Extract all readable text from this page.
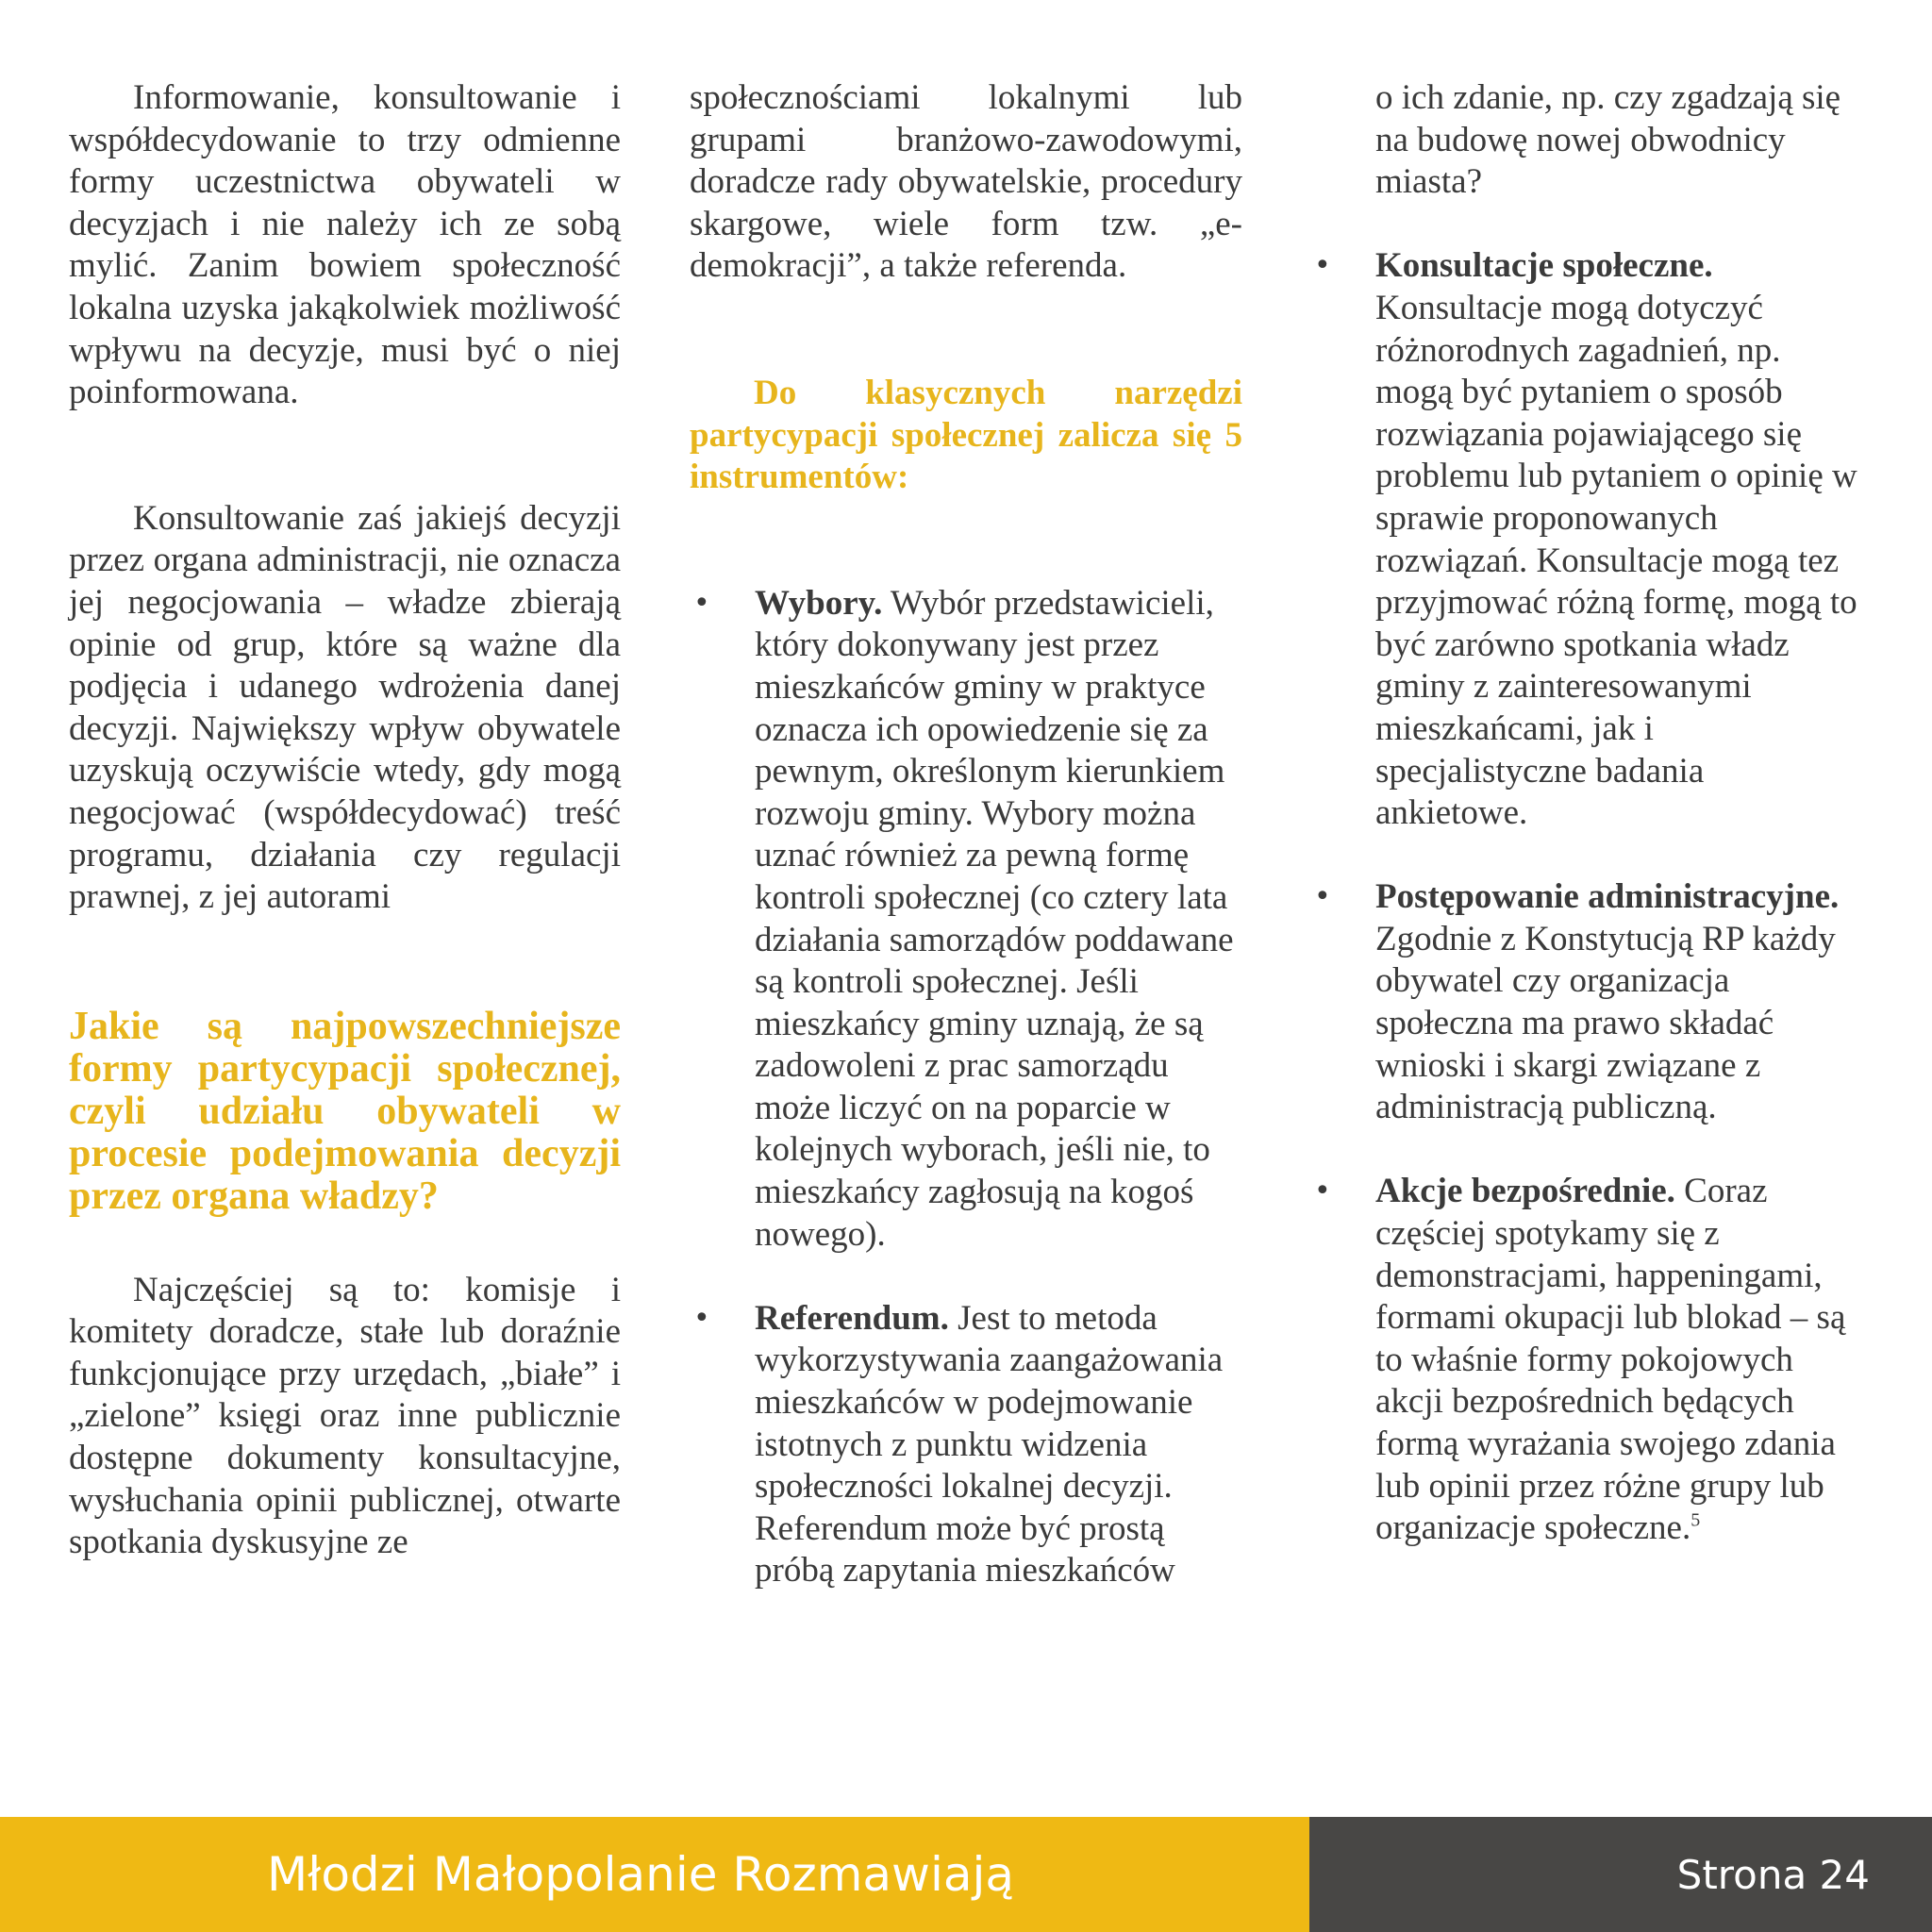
Informowanie, konsultowanie i współdecydowanie to trzy odmienne formy uczestnictwa obywateli w decyzjach i nie należy ich ze sobą mylić. Zanim bowiem społeczność lokalna uzyska jakąkolwiek możliwość wpływu na decyzje, musi być o niej poinformowana.

Konsultowanie zaś jakiejś decyzji przez organa administracji, nie oznacza jej negocjowania – władze zbierają opinie od grup, które są ważne dla podjęcia i udanego wdrożenia danej decyzji. Największy wpływ obywatele uzyskują oczywiście wtedy, gdy mogą negocjować (współdecydować) treść programu, działania czy regulacji prawnej, z jej autorami

Jakie są najpowszechniejsze formy partycypacji społecznej, czyli udziału obywateli w procesie podejmowania decyzji przez organa władzy?

Najczęściej są to: komisje i komitety doradcze, stałe lub doraźnie funkcjonujące przy urzędach, „białe” i „zielone” księgi oraz inne publicznie dostępne dokumenty konsultacyjne, wysłuchania opinii publicznej, otwarte spotkania dyskusyjne ze

społecznościami lokalnymi lub grupami branżowo-zawodowymi, doradcze rady obywatelskie, procedury skargowe, wiele form tzw. „e-demokracji”, a także referenda.

Do klasycznych narzędzi partycypacji społecznej zalicza się 5 instrumentów:

• Wybory. Wybór przedstawicieli, który dokonywany jest przez mieszkańców gminy w praktyce oznacza ich opowiedzenie się za pewnym, określonym kierunkiem rozwoju gminy. Wybory można uznać również za pewną formę kontroli społecznej (co cztery lata działania samorządów poddawane są kontroli społecznej. Jeśli mieszkańcy gminy uznają, że są zadowoleni z prac samorządu może liczyć on na poparcie w kolejnych wyborach, jeśli nie, to mieszkańcy zagłosują na kogoś nowego).
• Referendum. Jest to metoda wykorzystywania zaangażowania mieszkańców w podejmowanie istotnych z punktu widzenia społeczności lokalnej decyzji. Referendum może być prostą próbą zapytania mieszkańców

o ich zdanie, np. czy zgadzają się na budowę nowej obwodnicy miasta?

• Konsultacje społeczne. Konsultacje mogą dotyczyć różnorodnych zagadnień, np. mogą być pytaniem o sposób rozwiązania pojawiającego się problemu lub pytaniem o opinię w sprawie proponowanych rozwiązań. Konsultacje mogą tez przyjmować różną formę, mogą to być zarówno spotkania władz gminy z zainteresowanymi mieszkańcami, jak i specjalistyczne badania ankietowe.
• Postępowanie administracyjne. Zgodnie z Konstytucją RP każdy obywatel czy organizacja społeczna ma prawo składać wnioski i skargi związane z administracją publiczną.
• Akcje bezpośrednie. Coraz częściej spotykamy się z demonstracjami, happeningami, formami okupacji lub blokad – są to właśnie formy pokojowych akcji bezpośrednich będących formą wyrażania swojego zdania lub opinii przez różne grupy lub organizacje społeczne.$^5$
Młodzi Małopolanie Rozmawiają	Strona 24
